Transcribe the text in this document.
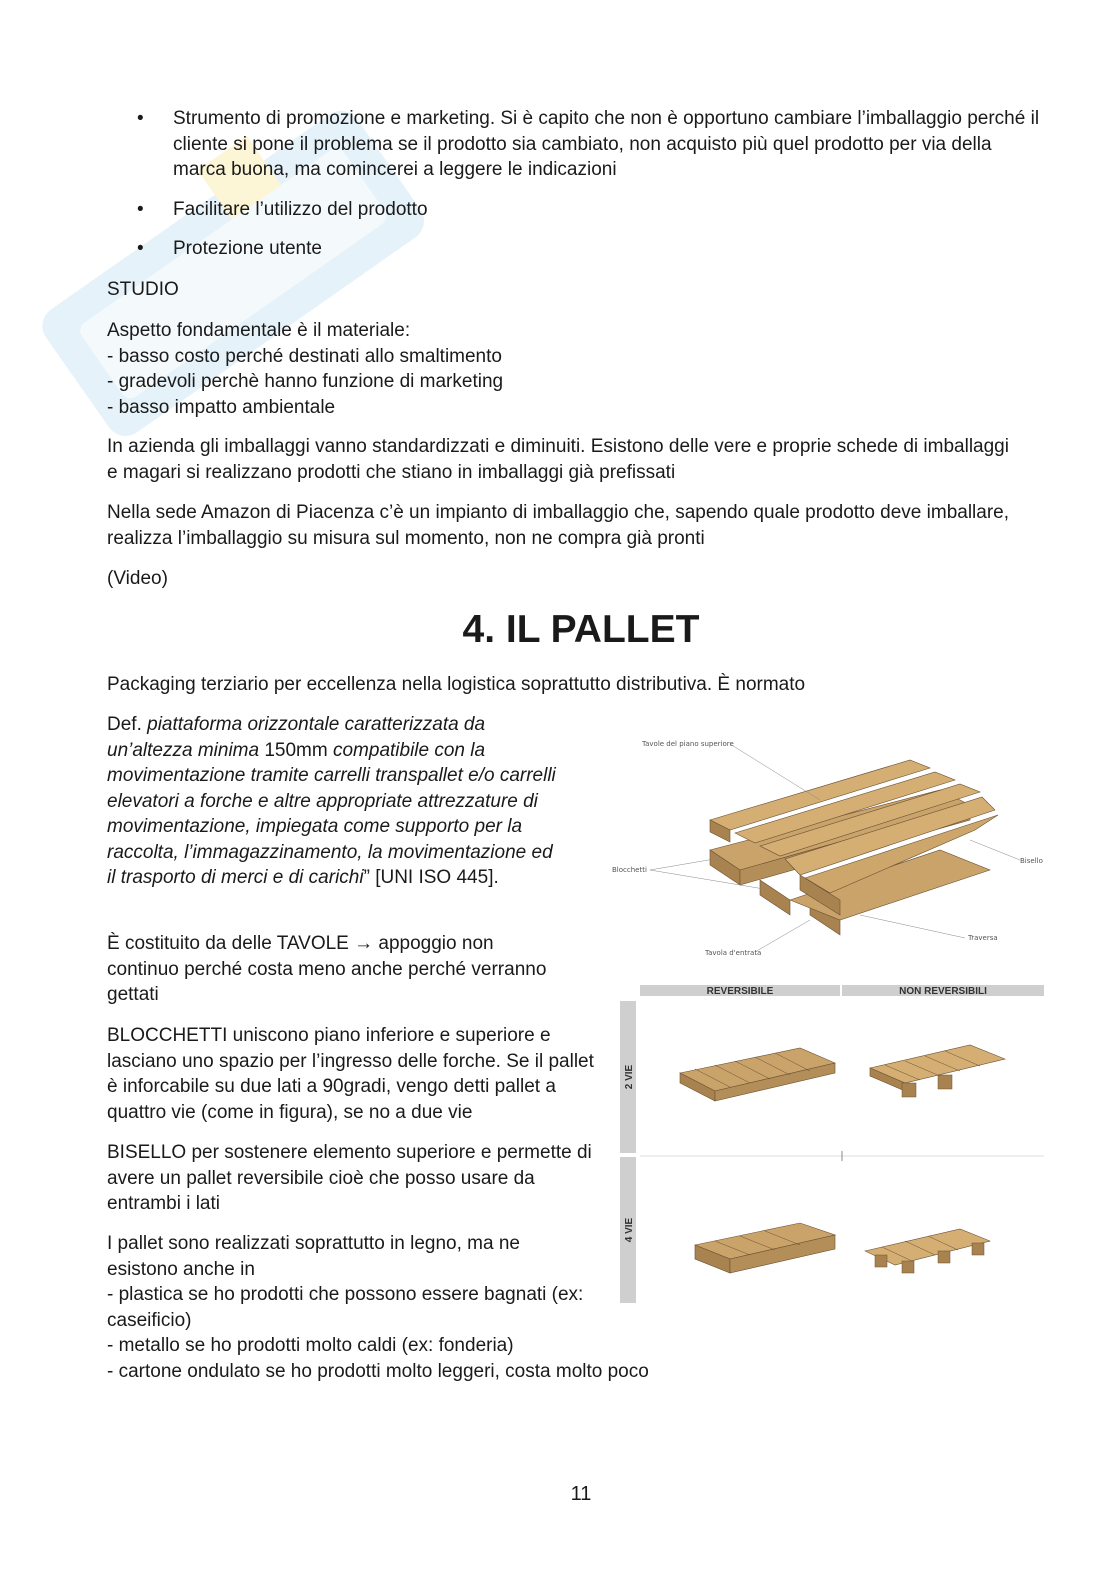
• Strumento di promozione e marketing. Si è capito che non è opportuno cambiare l’imballaggio perché il cliente si pone il problema se il prodotto sia cambiato, non acquisto più quel prodotto per via della marca buona, ma comincerei a leggere le indicazioni
• Facilitare l’utilizzo del prodotto
• Protezione utente

STUDIO

Aspetto fondamentale è il materiale:
- basso costo perché destinati allo smaltimento
- gradevoli perchè hanno funzione di marketing
- basso impatto ambientale

In azienda gli imballaggi vanno standardizzati e diminuiti. Esistono delle vere e proprie schede di imballaggi e magari si realizzano prodotti che stiano in imballaggi già prefissati

Nella sede Amazon di Piacenza c’è un impianto di imballaggio che, sapendo quale prodotto deve imballare, realizza l’imballaggio su misura sul momento, non ne compra già pronti

(Video)

4. IL PALLET

Packaging terziario per eccellenza nella logistica soprattutto distributiva. È normato

Def. piattaforma orizzontale caratterizzata da un’altezza minima 150mm compatibile con la movimentazione tramite carrelli transpallet e/o carrelli elevatori a forche e altre appropriate attrezzature di movimentazione, impiegata come supporto per la raccolta, l’immagazzinamento, la movimentazione ed il trasporto di merci e di carichi” [UNI ISO 445].

È costituito da delle TAVOLE → appoggio non continuo perché costa meno anche perché verranno gettati

BLOCCHETTI uniscono piano inferiore e superiore e lasciano uno spazio per l’ingresso delle forche. Se il pallet è inforcabile su due lati a 90gradi, vengo detti pallet a quattro vie (come in figura), se no a due vie

BISELLO per sostenere elemento superiore e permette di avere un pallet reversibile cioè che posso usare da entrambi i lati

I pallet sono realizzati soprattutto in legno, ma ne esistono anche in
- plastica se ho prodotti che possono essere bagnati (ex: caseificio)
- metallo se ho prodotti molto caldi (ex: fonderia)
- cartone ondulato se ho prodotti molto leggeri, costa molto poco
Tavole del piano superiore
Blocchetti
Bisello
Traversa
Tavola d'entrata
REVERSIBILE	NON REVERSIBILI
2 VIE
4 VIE
11
